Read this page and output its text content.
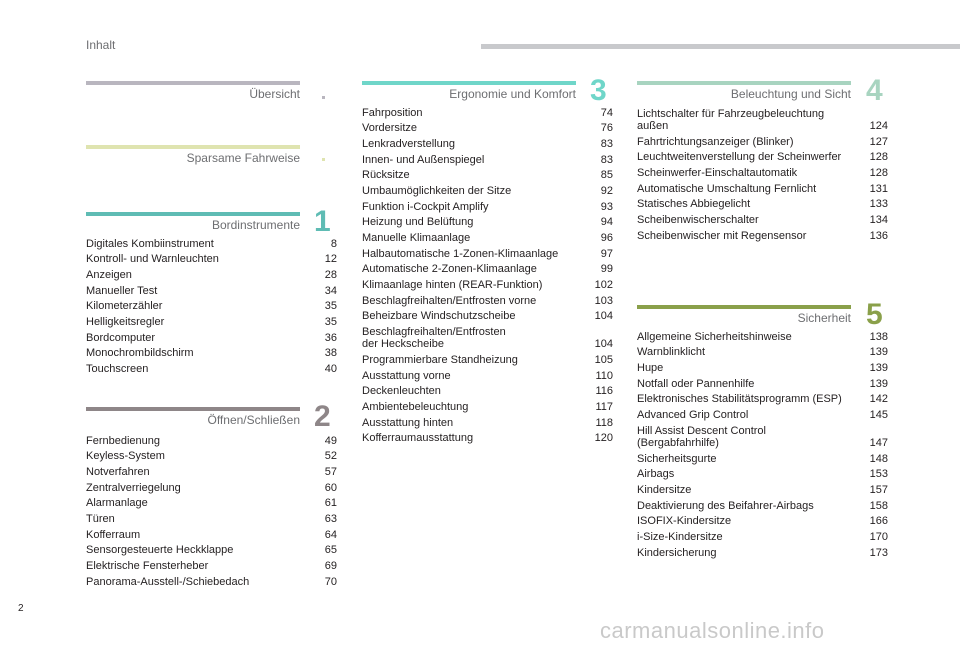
Inhalt
Übersicht
Sparsame Fahrweise
Bordinstrumente 1
Digitales Kombiinstrument	8
Kontroll- und Warnleuchten	12
Anzeigen	28
Manueller Test	34
Kilometerzähler	35
Helligkeitsregler	35
Bordcomputer	36
Monochrombildschirm	38
Touchscreen	40
Öffnen/Schließen 2
Fernbedienung	49
Keyless-System	52
Notverfahren	57
Zentralverriegelung	60
Alarmanlage	61
Türen	63
Kofferraum	64
Sensorgesteuerte Heckklappe	65
Elektrische Fensterheber	69
Panorama-Ausstell-/Schiebedach	70
Ergonomie und Komfort 3
Fahrposition	74
Vordersitze	76
Lenkradverstellung	83
Innen- und Außenspiegel	83
Rücksitze	85
Umbaumöglichkeiten der Sitze	92
Funktion i-Cockpit Amplify	93
Heizung und Belüftung	94
Manuelle Klimaanlage	96
Halbautomatische 1-Zonen-Klimaanlage	97
Automatische 2-Zonen-Klimaanlage	99
Klimaanlage hinten (REAR-Funktion)	102
Beschlagfreihalten/Entfrosten vorne	103
Beheizbare Windschutzscheibe	104
Beschlagfreihalten/Entfrosten
der Heckscheibe	104
Programmierbare Standheizung	105
Ausstattung vorne	110
Deckenleuchten	116
Ambientebeleuchtung	117
Ausstattung hinten	118
Kofferraumausstattung	120
Beleuchtung und Sicht 4
Lichtschalter für Fahrzeugbeleuchtung
außen	124
Fahrtrichtungsanzeiger (Blinker)	127
Leuchtweitenverstellung der Scheinwerfer	128
Scheinwerfer-Einschaltautomatik	128
Automatische Umschaltung Fernlicht	131
Statisches Abbiegelicht	133
Scheibenwischerschalter	134
Scheibenwischer mit Regensensor	136
Sicherheit 5
Allgemeine Sicherheitshinweise	138
Warnblinklicht	139
Hupe	139
Notfall oder Pannenhilfe	139
Elektronisches Stabilitätsprogramm (ESP)	142
Advanced Grip Control	145
Hill Assist Descent Control
(Bergabfahrhilfe)	147
Sicherheitsgurte	148
Airbags	153
Kindersitze	157
Deaktivierung des Beifahrer-Airbags	158
ISOFIX-Kindersitze	166
i-Size-Kindersitze	170
Kindersicherung	173
2
carmanualsonline.info
